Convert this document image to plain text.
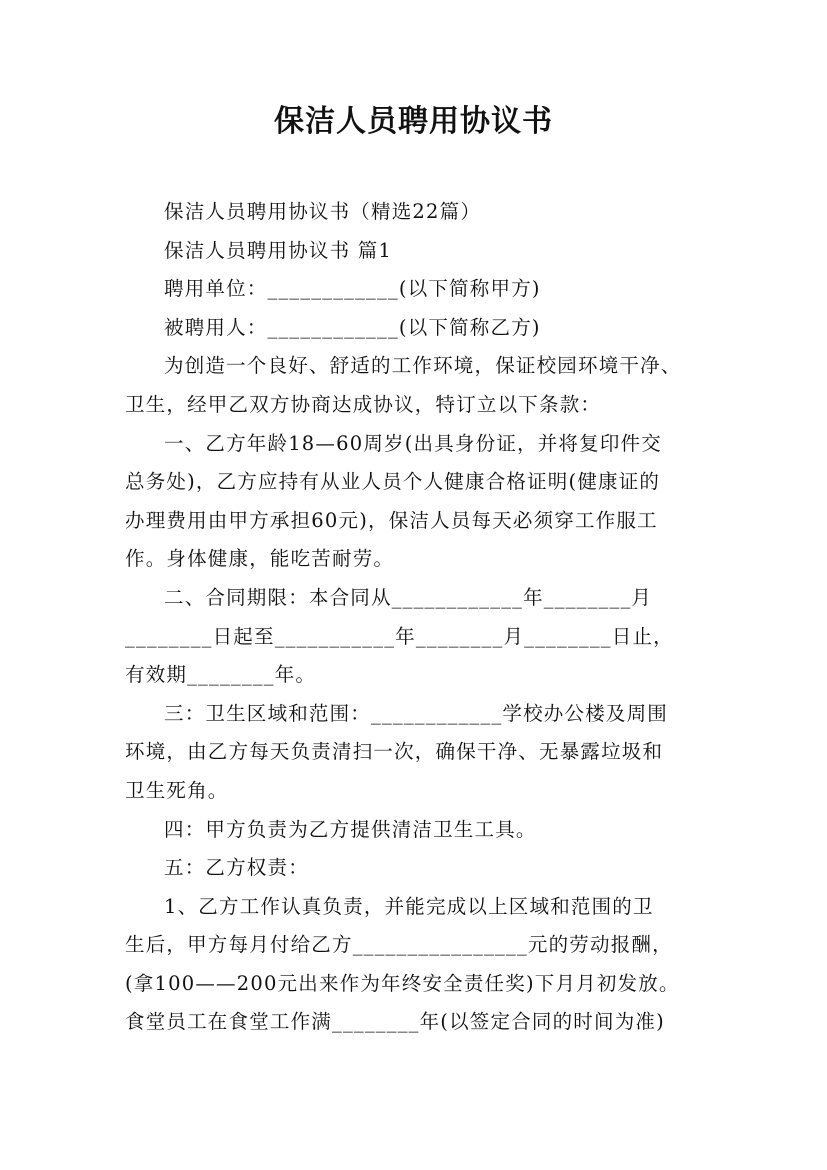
保洁人员聘用协议书
保洁人员聘用协议书（精选22篇）
保洁人员聘用协议书 篇1
聘用单位：____________(以下简称甲方)
被聘用人：____________(以下简称乙方)
为创造一个良好、舒适的工作环境，保证校园环境干净、
卫生，经甲乙双方协商达成协议，特订立以下条款：
一、乙方年龄18—60周岁(出具身份证，并将复印件交
总务处)，乙方应持有从业人员个人健康合格证明(健康证的
办理费用由甲方承担60元)，保洁人员每天必须穿工作服工
作。身体健康，能吃苦耐劳。
二、合同期限：本合同从____________年________月
________日起至___________年________月________日止，
有效期________年。
三：卫生区域和范围：____________学校办公楼及周围
环境，由乙方每天负责清扫一次，确保干净、无暴露垃圾和
卫生死角。
四：甲方负责为乙方提供清洁卫生工具。
五：乙方权责：
1、乙方工作认真负责，并能完成以上区域和范围的卫
生后，甲方每月付给乙方________________元的劳动报酬，
(拿100——200元出来作为年终安全责任奖)下月月初发放。
食堂员工在食堂工作满________年(以签定合同的时间为准)
